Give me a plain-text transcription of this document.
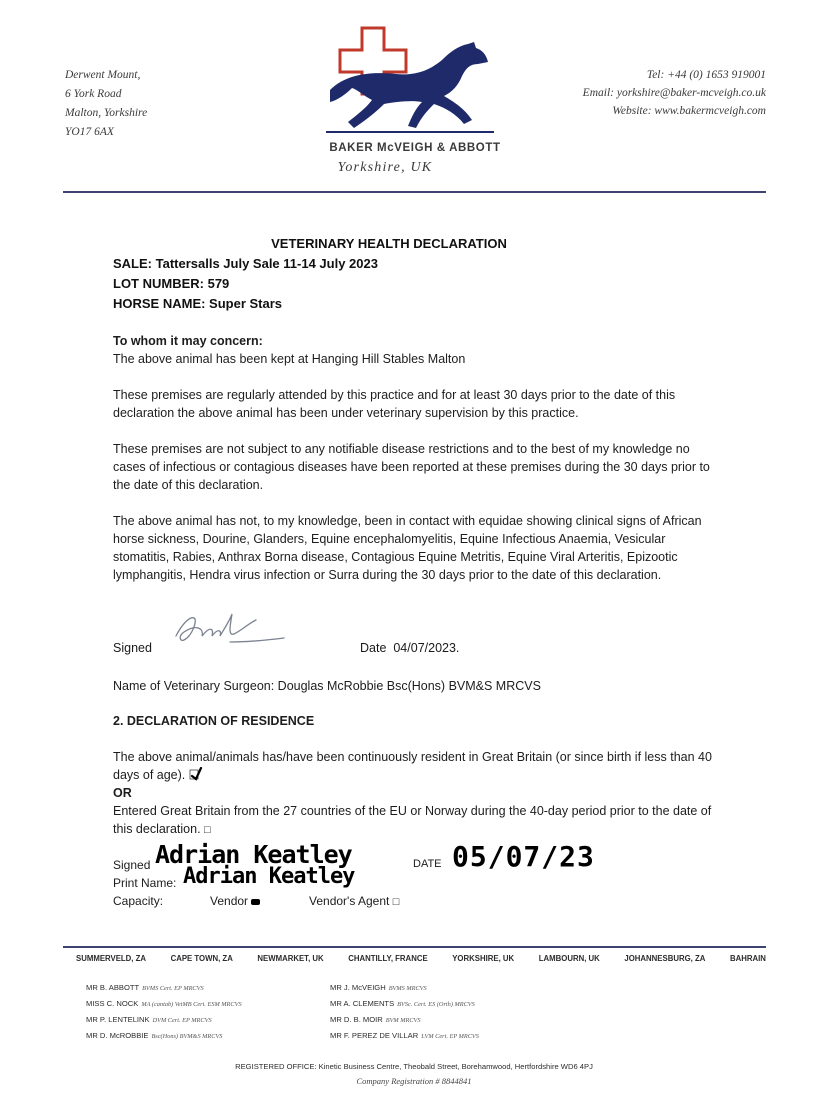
Derwent Mount,
6 York Road
Malton, Yorkshire
YO17 6AX
BAKER McVEIGH & ABBOTT
Yorkshire, UK
Tel: +44 (0) 1653 919001
Email: yorkshire@baker-mcveigh.co.uk
Website: www.bakermcveigh.com
VETERINARY HEALTH DECLARATION
SALE: Tattersalls July Sale 11-14 July 2023
LOT NUMBER: 579
HORSE NAME: Super Stars
To whom it may concern:
The above animal has been kept at Hanging Hill Stables Malton
These premises are regularly attended by this practice and for at least 30 days prior to the date of this declaration the above animal has been under veterinary supervision by this practice.
These premises are not subject to any notifiable disease restrictions and to the best of my knowledge no cases of infectious or contagious diseases have been reported at these premises during the 30 days prior to the date of this declaration.
The above animal has not, to my knowledge, been in contact with equidae showing clinical signs of African horse sickness, Dourine, Glanders, Equine encephalomyelitis, Equine Infectious Anaemia, Vesicular stomatitis, Rabies, Anthrax Borna disease, Contagious Equine Metritis, Equine Viral Arteritis, Epizootic lymphangitis, Hendra virus infection or Surra during the 30 days prior to the date of this declaration.
Signed	Date 04/07/2023.
Name of Veterinary Surgeon: Douglas McRobbie Bsc(Hons) BVM&S MRCVS
2. DECLARATION OF RESIDENCE
The above animal/animals has/have been continuously resident in Great Britain (or since birth if less than 40 days of age).
OR
Entered Great Britain from the 27 countries of the EU or Norway during the 40-day period prior to the date of this declaration. □
Signed Adrian Keatley	DATE 05/07/23
Print Name: Adrian Keatley
Capacity:	Vendor	Vendor's Agent □
SUMMERVELD, ZA	CAPE TOWN, ZA	NEWMARKET, UK	CHANTILLY, FRANCE	YORKSHIRE, UK	LAMBOURN, UK	JOHANNESBURG, ZA	BAHRAIN
MR B. ABBOTT BVMS Cert. EP MRCVS
MISS C. NOCK MA (cantab) VetMB Cert. ESM MRCVS
MR P. LENTELINK DVM Cert. EP MRCVS
MR D. McROBBIE Bsc(Hons) BVM&S MRCVS
MR J. McVEIGH BVMS MRCVS
MR A. CLEMENTS BVSc. Cert. ES (Orth) MRCVS
MR D. B. MOIR BVM MRCVS
MR F. PEREZ DE VILLAR LVM Cert. EP MRCVS
REGISTERED OFFICE: Kinetic Business Centre, Theobald Street, Borehamwood, Hertfordshire WD6 4PJ
Company Registration # 8844841
